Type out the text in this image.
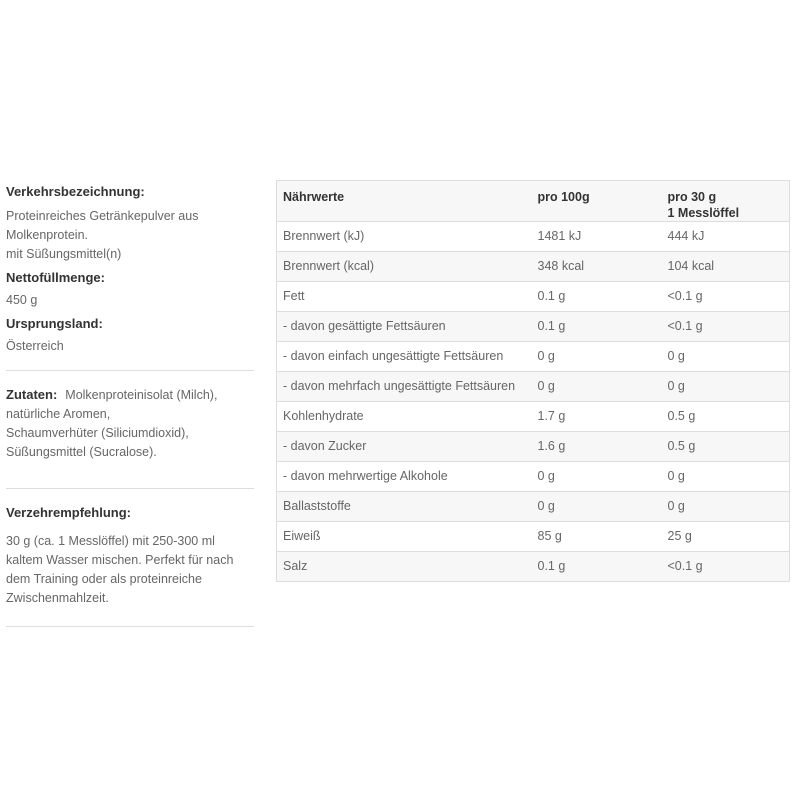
Verkehrsbezeichnung:
Proteinreiches Getränkepulver aus
Molkenprotein.
mit Süßungsmittel(n)
Nettofüllmenge:
450 g
Ursprungsland:
Österreich
Zutaten: Molkenproteinisolat (Milch),
natürliche Aromen,
Schaumverhüter (Siliciumdioxid),
Süßungsmittel (Sucralose).
Verzehrempfehlung:
30 g (ca. 1 Messlöffel) mit 250-300 ml
kaltem Wasser mischen. Perfekt für nach
dem Training oder als proteinreiche
Zwischenmahlzeit.
Nährwerte	pro 100g	pro 30 g
1 Messlöffel

Brennwert (kJ)	1481 kJ	444 kJ
Brennwert (kcal)	348 kcal	104 kcal
Fett	0.1 g	<0.1 g
- davon gesättigte Fettsäuren	0.1 g	<0.1 g
- davon einfach ungesättigte Fettsäuren	0 g	0 g
- davon mehrfach ungesättigte Fettsäuren	0 g	0 g
Kohlenhydrate	1.7 g	0.5 g
- davon Zucker	1.6 g	0.5 g
- davon mehrwertige Alkohole	0 g	0 g
Ballaststoffe	0 g	0 g
Eiweiß	85 g	25 g
Salz	0.1 g	<0.1 g
